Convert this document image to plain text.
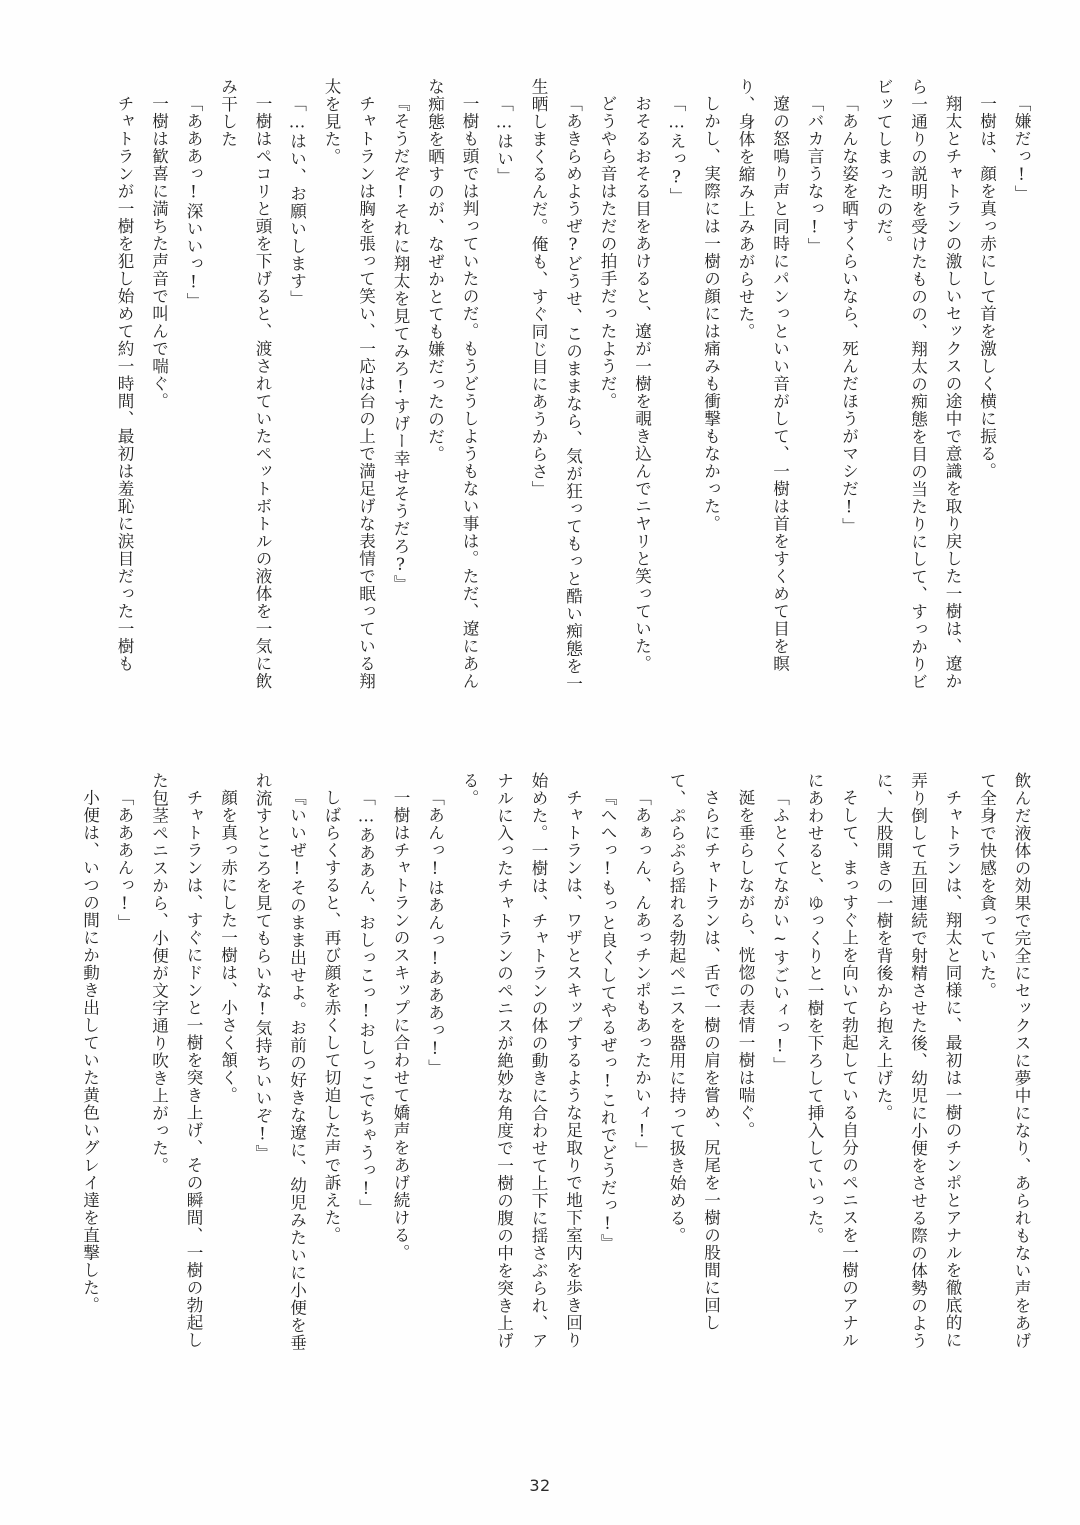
「嫌だっ!」
一樹は、顔を真っ赤にして首を激しく横に振る。
翔太とチャトランの激しいセックスの途中で意識を取り戻した一樹は、遼から一通りの説明を受けたものの、翔太の痴態を目の当たりにして、すっかりビビッてしまったのだ。
「あんな姿を晒すくらいなら、死んだほうがマシだ!」
「バカ言うなっ!」
遼の怒鳴り声と同時にパンっといい音がして、一樹は首をすくめて目を瞑り、身体を縮み上みあがらせた。
しかし、実際には一樹の顔には痛みも衝撃もなかった。
「…えっ?」
おそるおそる目をあけると、遼が一樹を覗き込んでニヤリと笑っていた。
どうやら音はただの拍手だったようだ。
「あきらめようぜ?どうせ、このままなら、気が狂ってもっと酷い痴態を一生晒しまくるんだ。俺も、すぐ同じ目にあうからさ」
「…はい」
一樹も頭では判っていたのだ。もうどうしようもない事は。ただ、遼にあんな痴態を晒すのが、なぜかとても嫌だったのだ。
『そうだぞ!それに翔太を見てみろ!すげー幸せそうだろ?』
チャトランは胸を張って笑い、一応は台の上で満足げな表情で眠っている翔太を見た。
「…はい、お願いします」
一樹はペコリと頭を下げると、渡されていたペットボトルの液体を一気に飲み干した
「あああっ!深いいっ!」
一樹は歓喜に満ちた声音で叫んで喘ぐ。
チャトランが一樹を犯し始めて約一時間、最初は羞恥に涙目だった一樹も
飲んだ液体の効果で完全にセックスに夢中になり、あられもない声をあげて全身で快感を貪っていた。
チャトランは、翔太と同様に、最初は一樹のチンポとアナルを徹底的に弄り倒して五回連続で射精させた後、幼児に小便をさせる際の体勢のように、大股開きの一樹を背後から抱え上げた。
そして、まっすぐ上を向いて勃起している自分のペニスを一樹のアナルにあわせると、ゆっくりと一樹を下ろして挿入していった。
「ふとくてながい~すごいィっ!」
涎を垂らしながら、恍惚の表情一樹は喘ぐ。
さらにチャトランは、舌で一樹の肩を嘗め、尻尾を一樹の股間に回して、ぷらぷら揺れる勃起ペニスを器用に持って扱き始める。
「あぁっん、んあっチンポもあったかいィ!」
『へへっ!もっと良くしてやるぜっ!これでどうだっ!』
チャトランは、ワザとスキップするような足取りで地下室内を歩き回り始めた。一樹は、チャトランの体の動きに合わせて上下に揺さぶられ、アナルに入ったチャトランのペニスが絶妙な角度で一樹の腹の中を突き上げる。
「あんっ!はあんっ!あああっ!」
一樹はチャトランのスキップに合わせて嬌声をあげ続ける。
「…あああん、おしっこっ!おしっこでちゃうっ!」
しばらくすると、再び顔を赤くして切迫した声で訴えた。
『いいぜ!そのまま出せよ。お前の好きな遼に、幼児みたいに小便を垂れ流すところを見てもらいな!気持ちいいぞ!』
顔を真っ赤にした一樹は、小さく頷く。
チャトランは、すぐにドンと一樹を突き上げ、その瞬間、一樹の勃起した包茎ペニスから、小便が文字通り吹き上がった。
「あああんっ!」
小便は、いつの間にか動き出していた黄色いグレイ達を直撃した。
32
